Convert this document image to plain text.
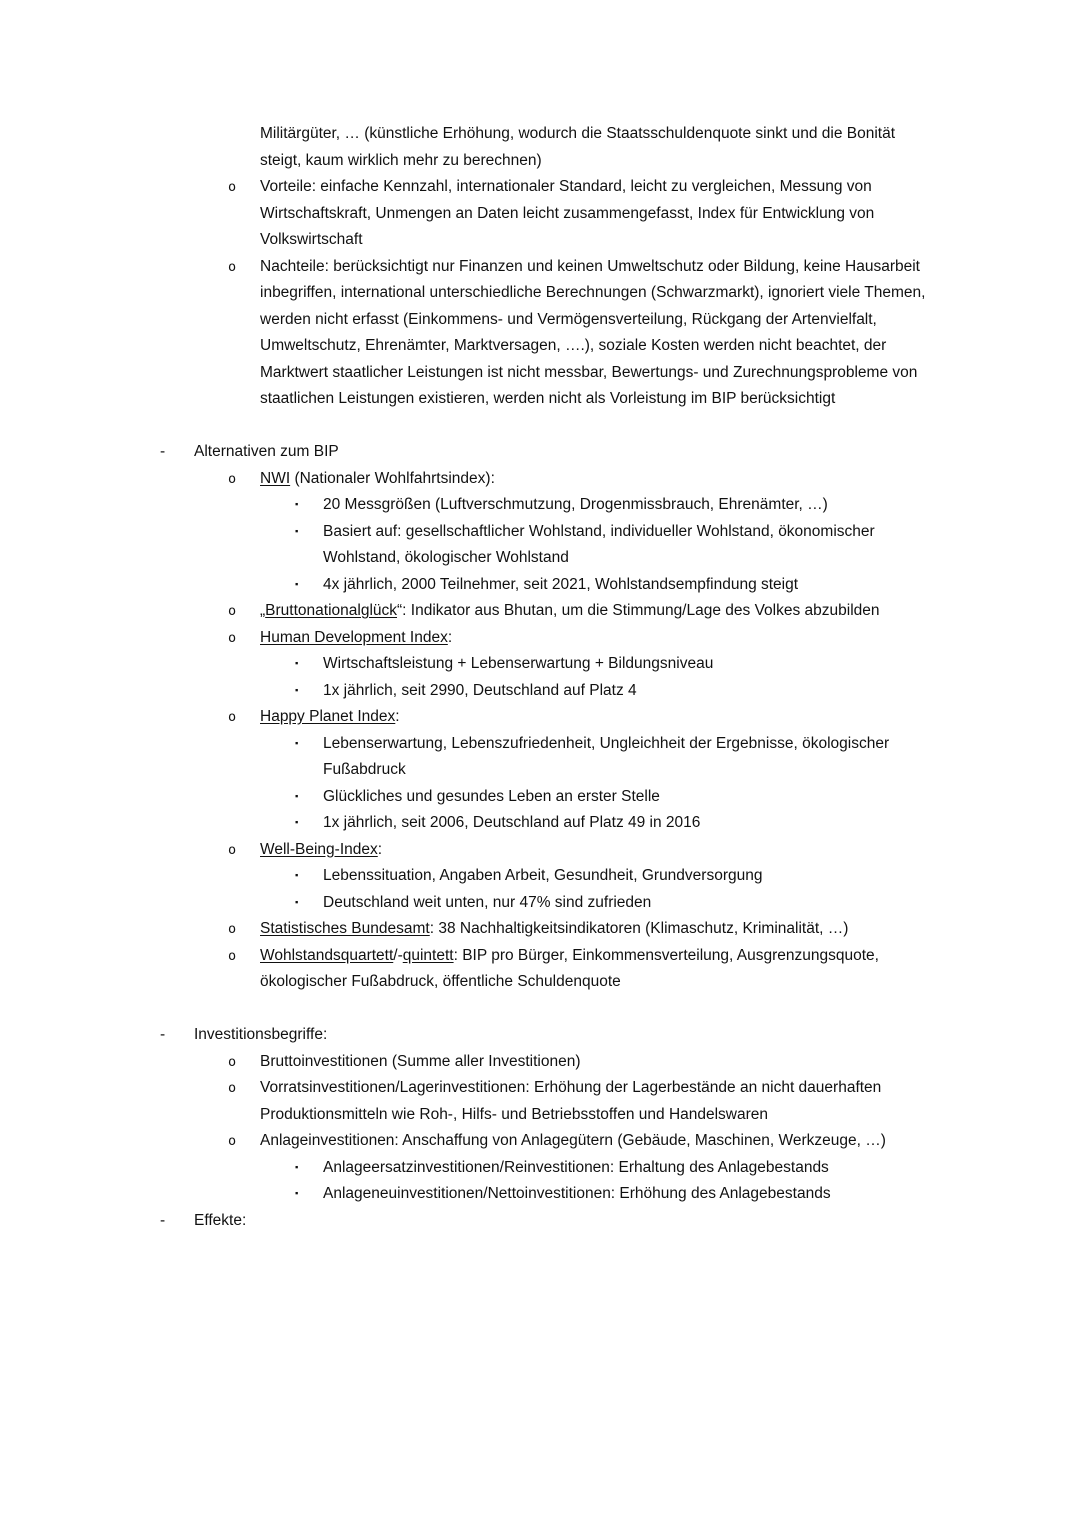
Militärgüter, … (künstliche Erhöhung, wodurch die Staatsschuldenquote sinkt und die Bonität steigt, kaum wirklich mehr zu berechnen)
o Vorteile: einfache Kennzahl, internationaler Standard, leicht zu vergleichen, Messung von Wirtschaftskraft, Unmengen an Daten leicht zusammengefasst, Index für Entwicklung von Volkswirtschaft
o Nachteile: berücksichtigt nur Finanzen und keinen Umweltschutz oder Bildung, keine Hausarbeit inbegriffen, international unterschiedliche Berechnungen (Schwarzmarkt), ignoriert viele Themen, werden nicht erfasst (Einkommens- und Vermögensverteilung, Rückgang der Artenvielfalt, Umweltschutz, Ehrenämter, Marktversagen, ….), soziale Kosten werden nicht beachtet, der Marktwert staatlicher Leistungen ist nicht messbar, Bewertungs- und Zurechnungsprobleme von staatlichen Leistungen existieren, werden nicht als Vorleistung im BIP berücksichtigt
- Alternativen zum BIP
o NWI (Nationaler Wohlfahrtsindex):
▪ 20 Messgrößen (Luftverschmutzung, Drogenmissbrauch, Ehrenämter, …)
▪ Basiert auf: gesellschaftlicher Wohlstand, individueller Wohlstand, ökonomischer Wohlstand, ökologischer Wohlstand
▪ 4x jährlich, 2000 Teilnehmer, seit 2021, Wohlstandsempfindung steigt
o „Bruttonationalglück“: Indikator aus Bhutan, um die Stimmung/Lage des Volkes abzubilden
o Human Development Index:
▪ Wirtschaftsleistung + Lebenserwartung + Bildungsniveau
▪ 1x jährlich, seit 2990, Deutschland auf Platz 4
o Happy Planet Index:
▪ Lebenserwartung, Lebenszufriedenheit, Ungleichheit der Ergebnisse, ökologischer Fußabdruck
▪ Glückliches und gesundes Leben an erster Stelle
▪ 1x jährlich, seit 2006, Deutschland auf Platz 49 in 2016
o Well-Being-Index:
▪ Lebenssituation, Angaben Arbeit, Gesundheit, Grundversorgung
▪ Deutschland weit unten, nur 47% sind zufrieden
o Statistisches Bundesamt: 38 Nachhaltigkeitsindikatoren (Klimaschutz, Kriminalität, …)
o Wohlstandsquartett/-quintett: BIP pro Bürger, Einkommensverteilung, Ausgrenzungsquote, ökologischer Fußabdruck, öffentliche Schuldenquote
- Investitionsbegriffe:
o Bruttoinvestitionen (Summe aller Investitionen)
o Vorratsinvestitionen/Lagerinvestitionen: Erhöhung der Lagerbestände an nicht dauerhaften Produktionsmitteln wie Roh-, Hilfs- und Betriebsstoffen und Handelswaren
o Anlageinvestitionen: Anschaffung von Anlagegütern (Gebäude, Maschinen, Werkzeuge, …)
▪ Anlageersatzinvestitionen/Reinvestitionen: Erhaltung des Anlagebestands
▪ Anlageneuinvestitionen/Nettoinvestitionen: Erhöhung des Anlagebestands
- Effekte:
